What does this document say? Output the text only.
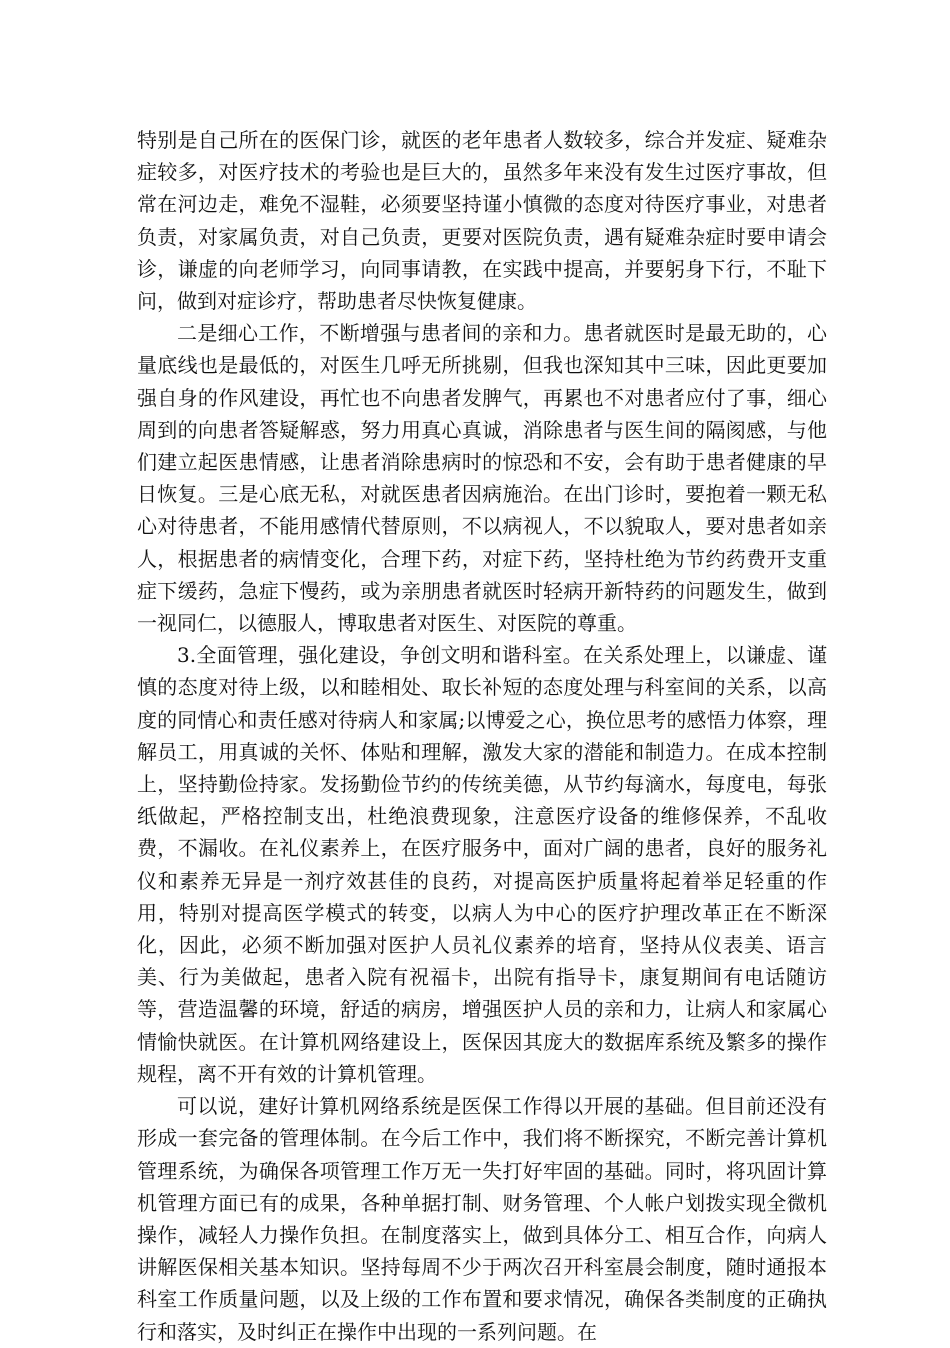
特别是自己所在的医保门诊，就医的老年患者人数较多，综合并发症、疑难杂症较多，对医疗技术的考验也是巨大的，虽然多年来没有发生过医疗事故，但常在河边走，难免不湿鞋，必须要坚持谨小慎微的态度对待医疗事业，对患者负责，对家属负责，对自己负责，更要对医院负责，遇有疑难杂症时要申请会诊，谦虚的向老师学习，向同事请教，在实践中提高，并要躬身下行，不耻下问，做到对症诊疗，帮助患者尽快恢复健康。

二是细心工作，不断增强与患者间的亲和力。患者就医时是最无助的，心量底线也是最低的，对医生几呼无所挑剔，但我也深知其中三味，因此更要加强自身的作风建设，再忙也不向患者发脾气，再累也不对患者应付了事，细心周到的向患者答疑解惑，努力用真心真诚，消除患者与医生间的隔阂感，与他们建立起医患情感，让患者消除患病时的惊恐和不安，会有助于患者健康的早日恢复。三是心底无私，对就医患者因病施治。在出门诊时，要抱着一颗无私心对待患者，不能用感情代替原则，不以病视人，不以貌取人，要对患者如亲人，根据患者的病情变化，合理下药，对症下药，坚持杜绝为节约药费开支重症下缓药，急症下慢药，或为亲朋患者就医时轻病开新特药的问题发生，做到一视同仁，以德服人，博取患者对医生、对医院的尊重。

3.全面管理，强化建设，争创文明和谐科室。在关系处理上，以谦虚、谨慎的态度对待上级，以和睦相处、取长补短的态度处理与科室间的关系，以高度的同情心和责任感对待病人和家属;以博爱之心，换位思考的感悟力体察，理解员工，用真诚的关怀、体贴和理解，激发大家的潜能和制造力。在成本控制上，坚持勤俭持家。发扬勤俭节约的传统美德，从节约每滴水，每度电，每张纸做起，严格控制支出，杜绝浪费现象，注意医疗设备的维修保养，不乱收费，不漏收。在礼仪素养上，在医疗服务中，面对广阔的患者，良好的服务礼仪和素养无异是一剂疗效甚佳的良药，对提高医护质量将起着举足轻重的作用，特别对提高医学模式的转变，以病人为中心的医疗护理改革正在不断深化，因此，必须不断加强对医护人员礼仪素养的培育，坚持从仪表美、语言美、行为美做起，患者入院有祝福卡，出院有指导卡，康复期间有电话随访等，营造温馨的环境，舒适的病房，增强医护人员的亲和力，让病人和家属心情愉快就医。在计算机网络建设上，医保因其庞大的数据库系统及繁多的操作规程，离不开有效的计算机管理。

可以说，建好计算机网络系统是医保工作得以开展的基础。但目前还没有形成一套完备的管理体制。在今后工作中，我们将不断探究，不断完善计算机管理系统，为确保各项管理工作万无一失打好牢固的基础。同时，将巩固计算机管理方面已有的成果，各种单据打制、财务管理、个人帐户划拨实现全微机操作，减轻人力操作负担。在制度落实上，做到具体分工、相互合作，向病人讲解医保相关基本知识。坚持每周不少于两次召开科室晨会制度，随时通报本科室工作质量问题，以及上级的工作布置和要求情况，确保各类制度的正确执行和落实，及时纠正在操作中出现的一系列问题。在
